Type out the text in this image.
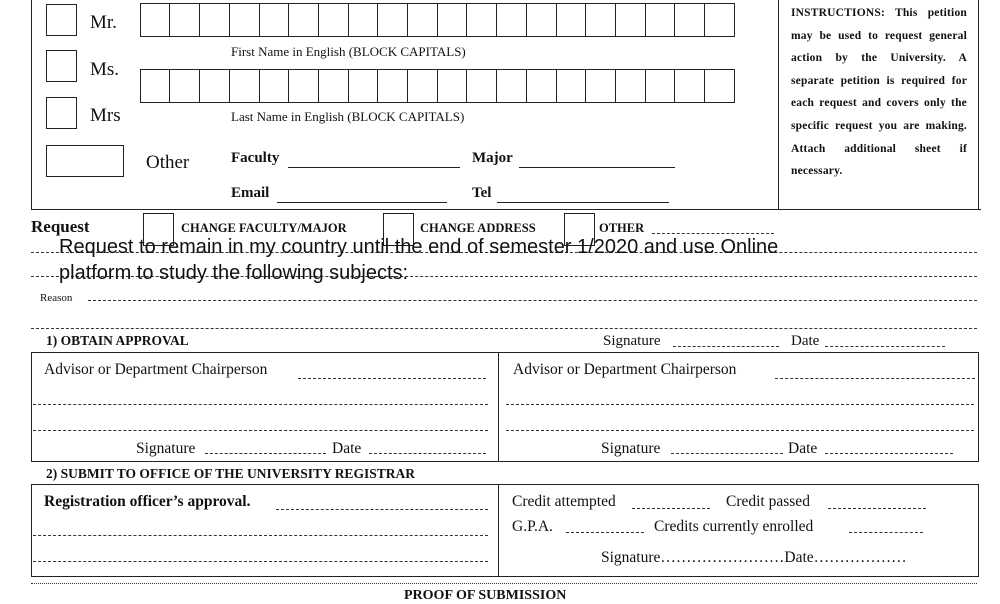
Mr.
Ms.
Mrs
Other
First Name in English (BLOCK CAPITALS)
Last Name in English (BLOCK CAPITALS)
Faculty	Major
Email	Tel
INSTRUCTIONS: This petition may be used to request general action by the University. A separate petition is required for each request and covers only the specific request you are making. Attach additional sheet if necessary.
Request	CHANGE FACULTY/MAJOR	CHANGE ADDRESS	OTHER
Reason
Request to remain in my country until the end of semester 1/2020 and use Online
platform to study the following subjects:
1) OBTAIN APPROVAL	Signature	Date
Advisor or Department Chairperson
Signature	Date
Advisor or Department Chairperson
Signature	Date
2) SUBMIT TO OFFICE OF THE UNIVERSITY REGISTRAR
Registration officer’s approval.	Credit attempted	Credit passed
G.P.A.	Credits currently enrolled
Signature……………………Date………………
PROOF OF SUBMISSION
